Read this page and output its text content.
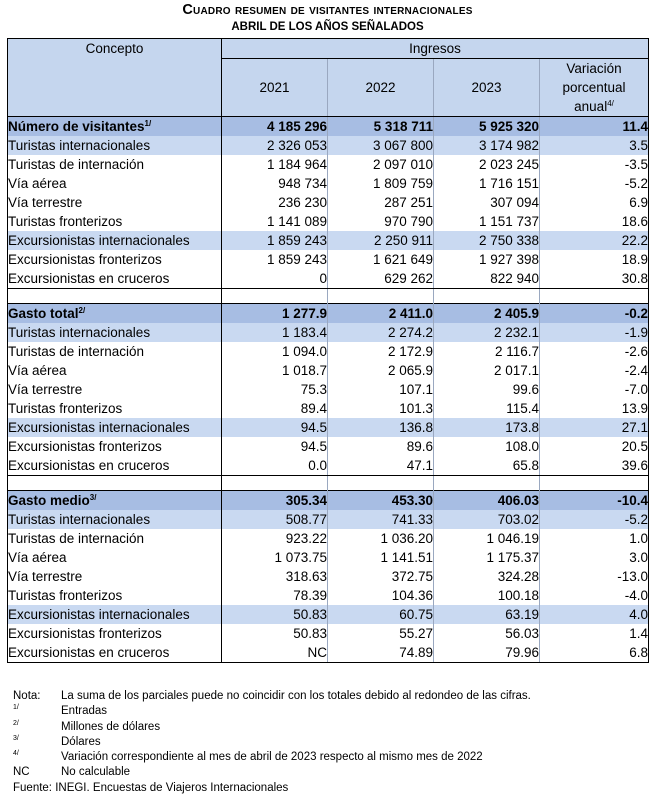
Cuadro resumen de visitantes internacionales
ABRIL DE LOS AÑOS SEÑALADOS
Concepto	Ingresos			
	2021	2022	2023	Variación
porcentual
anual$^{4/}$
Número de visitantes$^{1/}$	4 185 296	5 318 711	5 925 320	11.4
Turistas internacionales	2 326 053	3 067 800	3 174 982	3.5
Turistas de internación	1 184 964	2 097 010	2 023 245	-3.5
Vía aérea	948 734	1 809 759	1 716 151	-5.2
Vía terrestre	236 230	287 251	307 094	6.9
Turistas fronterizos	1 141 089	970 790	1 151 737	18.6
Excursionistas internacionales	1 859 243	2 250 911	2 750 338	22.2
Excursionistas fronterizos	1 859 243	1 621 649	1 927 398	18.9
Excursionistas en cruceros	0	629 262	822 940	30.8

Gasto total$^{2/}$	1 277.9	2 411.0	2 405.9	-0.2
Turistas internacionales	1 183.4	2 274.2	2 232.1	-1.9
Turistas de internación	1 094.0	2 172.9	2 116.7	-2.6
Vía aérea	1 018.7	2 065.9	2 017.1	-2.4
Vía terrestre	75.3	107.1	99.6	-7.0
Turistas fronterizos	89.4	101.3	115.4	13.9
Excursionistas internacionales	94.5	136.8	173.8	27.1
Excursionistas fronterizos	94.5	89.6	108.0	20.5
Excursionistas en cruceros	0.0	47.1	65.8	39.6

Gasto medio$^{3/}$	305.34	453.30	406.03	-10.4
Turistas internacionales	508.77	741.33	703.02	-5.2
Turistas de internación	923.22	1 036.20	1 046.19	1.0
Vía aérea	1 073.75	1 141.51	1 175.37	3.0
Vía terrestre	318.63	372.75	324.28	-13.0
Turistas fronterizos	78.39	104.36	100.18	-4.0
Excursionistas internacionales	50.83	60.75	63.19	4.0
Excursionistas fronterizos	50.83	55.27	56.03	1.4
Excursionistas en cruceros	NC	74.89	79.96	6.8
Nota:	La suma de los parciales puede no coincidir con los totales debido al redondeo de las cifras.
$^{1/}$	Entradas
$^{2/}$	Millones de dólares
$^{3/}$	Dólares
$^{4/}$	Variación correspondiente al mes de abril de 2023 respecto al mismo mes de 2022
NC	No calculable
Fuente: INEGI. Encuestas de Viajeros Internacionales
